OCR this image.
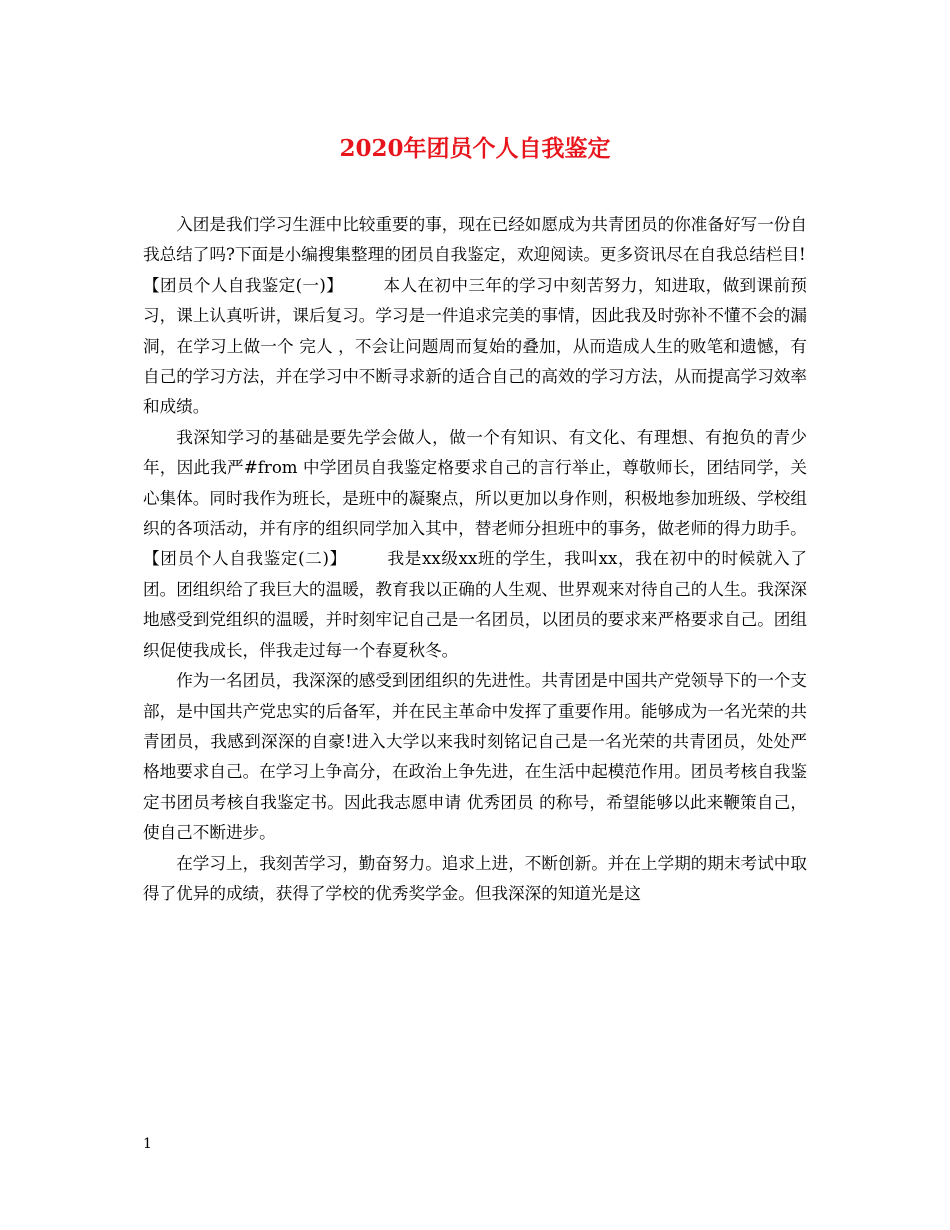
2020年团员个人自我鉴定

入团是我们学习生涯中比较重要的事，现在已经如愿成为共青团员的你准备好写一份自我总结了吗?下面是小编搜集整理的团员自我鉴定，欢迎阅读。更多资讯尽在自我总结栏目!

【团员个人自我鉴定(一)】 本人在初中三年的学习中刻苦努力，知进取，做到课前预习，课上认真听讲，课后复习。学习是一件追求完美的事情，因此我及时弥补不懂不会的漏洞，在学习上做一个 完人 ，不会让问题周而复始的叠加，从而造成人生的败笔和遗憾，有自己的学习方法，并在学习中不断寻求新的适合自己的高效的学习方法，从而提高学习效率和成绩。

我深知学习的基础是要先学会做人，做一个有知识、有文化、有理想、有抱负的青少年，因此我严#from 中学团员自我鉴定格要求自己的言行举止，尊敬师长，团结同学，关心集体。同时我作为班长，是班中的凝聚点，所以更加以身作则，积极地参加班级、学校组织的各项活动，并有序的组织同学加入其中，替老师分担班中的事务，做老师的得力助手。

【团员个人自我鉴定(二)】 我是xx级xx班的学生，我叫xx，我在初中的时候就入了团。团组织给了我巨大的温暖，教育我以正确的人生观、世界观来对待自己的人生。我深深地感受到党组织的温暖，并时刻牢记自己是一名团员，以团员的要求来严格要求自己。团组织促使我成长，伴我走过每一个春夏秋冬。

作为一名团员，我深深的感受到团组织的先进性。共青团是中国共产党领导下的一个支部，是中国共产党忠实的后备军，并在民主革命中发挥了重要作用。能够成为一名光荣的共青团员，我感到深深的自豪!进入大学以来我时刻铭记自己是一名光荣的共青团员，处处严格地要求自己。在学习上争高分，在政治上争先进，在生活中起模范作用。团员考核自我鉴定书团员考核自我鉴定书。因此我志愿申请 优秀团员 的称号，希望能够以此来鞭策自己，使自己不断进步。

在学习上，我刻苦学习，勤奋努力。追求上进，不断创新。并在上学期的期末考试中取得了优异的成绩，获得了学校的优秀奖学金。但我深深的知道光是这

1
